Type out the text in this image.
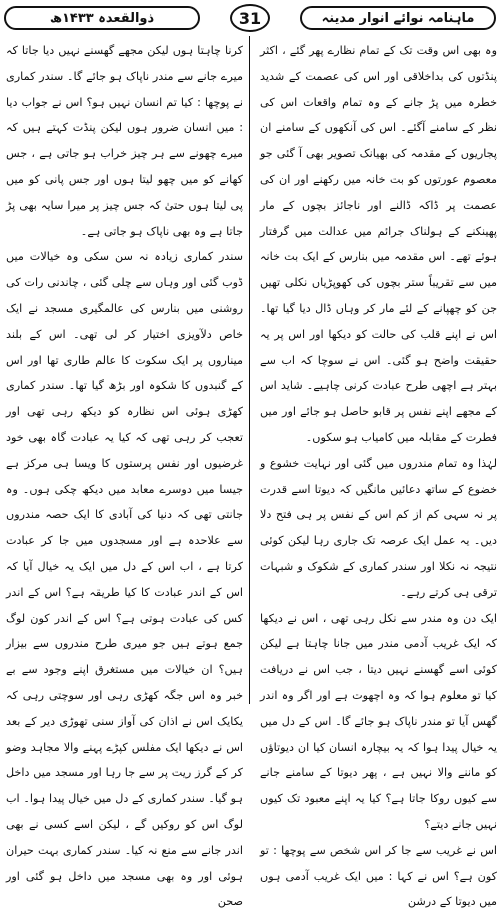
ذوالقعدہ ۱۴۳۳ھ	31	ماہنامہ نوائے انوار مدینہ

وہ بھی اس وقت تک کے تمام نظارے پھر گئے ، اکثر پنڈتوں کی بداخلاقی اور اس کی عصمت کے شدید خطرہ میں پڑ جانے کے وہ تمام واقعات اس کی نظر کے سامنے آگئے۔ اس کی آنکھوں کے سامنے ان پجاریوں کے مقدمہ کی بھیانک تصویر بھی آ گئی جو معصوم عورتوں کو بت خانہ میں رکھنے اور ان کی عصمت پر ڈاکہ ڈالنے اور ناجائز بچوں کے مار پھینکنے کے ہولناک جرائم میں عدالت میں گرفتار ہوئے تھے۔ اس مقدمہ میں بنارس کے ایک بت خانہ میں سے تقریباً ستر بچوں کی کھوپڑیاں نکلی تھیں جن کو چھپانے کے لئے مار کر وہاں ڈال دیا گیا تھا۔ اس نے اپنے قلب کی حالت کو دیکھا اور اس پر یہ حقیقت واضح ہو گئی۔ اس نے سوچا کہ اب سے بہتر ہے اچھی طرح عبادت کرنی چاہیے۔ شاید اس کے مجھے اپنے نفس پر قابو حاصل ہو جائے اور میں فطرت کے مقابلہ میں کامیاب ہو سکوں۔

لہٰذا وہ تمام مندروں میں گئی اور نہایت خشوع و خضوع کے ساتھ دعائیں مانگیں کہ دیوتا اسے قدرت پر نہ سہی کم از کم اس کے نفس پر ہی فتح دلا دیں۔ یہ عمل ایک عرصہ تک جاری رہا لیکن کوئی نتیجہ نہ نکلا اور سندر کماری کے شکوک و شبہات ترقی ہی کرتے رہے۔

ایک دن وہ مندر سے نکل رہی تھی ، اس نے دیکھا کہ ایک غریب آدمی مندر میں جانا چاہتا ہے لیکن کوئی اسے گھسنے نہیں دیتا ، جب اس نے دریافت کیا تو معلوم ہوا کہ وہ اچھوت ہے اور اگر وہ اندر گھس آیا تو مندر ناپاک ہو جائے گا۔ اس کے دل میں یہ خیال پیدا ہوا کہ یہ بیچارہ انسان کیا ان دیوتاؤں کو ماننے والا نہیں ہے ، پھر دیوتا کے سامنے جانے سے کیوں روکا جاتا ہے؟ کیا یہ اپنے معبود تک کیوں نہیں جانے دیتے؟

اس نے غریب سے جا کر اس شخص سے پوچھا : تو کون ہے؟ اس نے کہا : میں ایک غریب آدمی ہوں میں دیوتا کے درشن

کرنا چاہتا ہوں لیکن مجھے گھسنے نہیں دیا جاتا کہ میرے جانے سے مندر ناپاک ہو جائے گا۔ سندر کماری نے پوچھا : کیا تم انسان نہیں ہو؟ اس نے جواب دیا : میں انسان ضرور ہوں لیکن پنڈت کہتے ہیں کہ میرے چھونے سے ہر چیز خراب ہو جاتی ہے ، جس کھانے کو میں چھو لیتا ہوں اور جس پانی کو میں پی لیتا ہوں حتیٰ کہ جس چیز پر میرا سایہ بھی پڑ جاتا ہے وہ بھی ناپاک ہو جاتی ہے۔

سندر کماری زیادہ نہ سن سکی وہ خیالات میں ڈوب گئی اور وہاں سے چلی گئی ، چاندنی رات کی روشنی میں بنارس کی عالمگیری مسجد نے ایک خاص دلآویزی اختیار کر لی تھی۔ اس کے بلند میناروں پر ایک سکوت کا عالم طاری تھا اور اس کے گنبدوں کا شکوہ اور بڑھ گیا تھا۔ سندر کماری کھڑی ہوئی اس نظارہ کو دیکھ رہی تھی اور تعجب کر رہی تھی کہ کیا یہ عبادت گاہ بھی خود غرضیوں اور نفس پرستوں کا ویسا ہی مرکز ہے جیسا میں دوسرے معابد میں دیکھ چکی ہوں۔ وہ جانتی تھی کہ دنیا کی آبادی کا ایک حصہ مندروں سے علاحدہ ہے اور مسجدوں میں جا کر عبادت کرتا ہے ، اب اس کے دل میں ایک یہ خیال آیا کہ اس کے اندر عبادت کا کیا طریقہ ہے؟ اس کے اندر کس کی عبادت ہوتی ہے؟ اس کے اندر کون لوگ جمع ہوتے ہیں جو میری طرح مندروں سے بیزار ہیں؟ ان خیالات میں مستغرق اپنے وجود سے بے خبر وہ اس جگہ کھڑی رہی اور سوچتی رہی کہ یکایک اس نے اذان کی آواز سنی تھوڑی دیر کے بعد اس نے دیکھا ایک مفلس کپڑے پہنے والا مجاہد وضو کر کے گرز ریت پر سے جا رہا اور مسجد میں داخل ہو گیا۔ سندر کماری کے دل میں خیال پیدا ہوا۔ اب لوگ اس کو روکیں گے ، لیکن اسے کسی نے بھی اندر جانے سے منع نہ کیا۔ سندر کماری بہت حیران ہوئی اور وہ بھی مسجد میں داخل ہو گئی اور صحن
